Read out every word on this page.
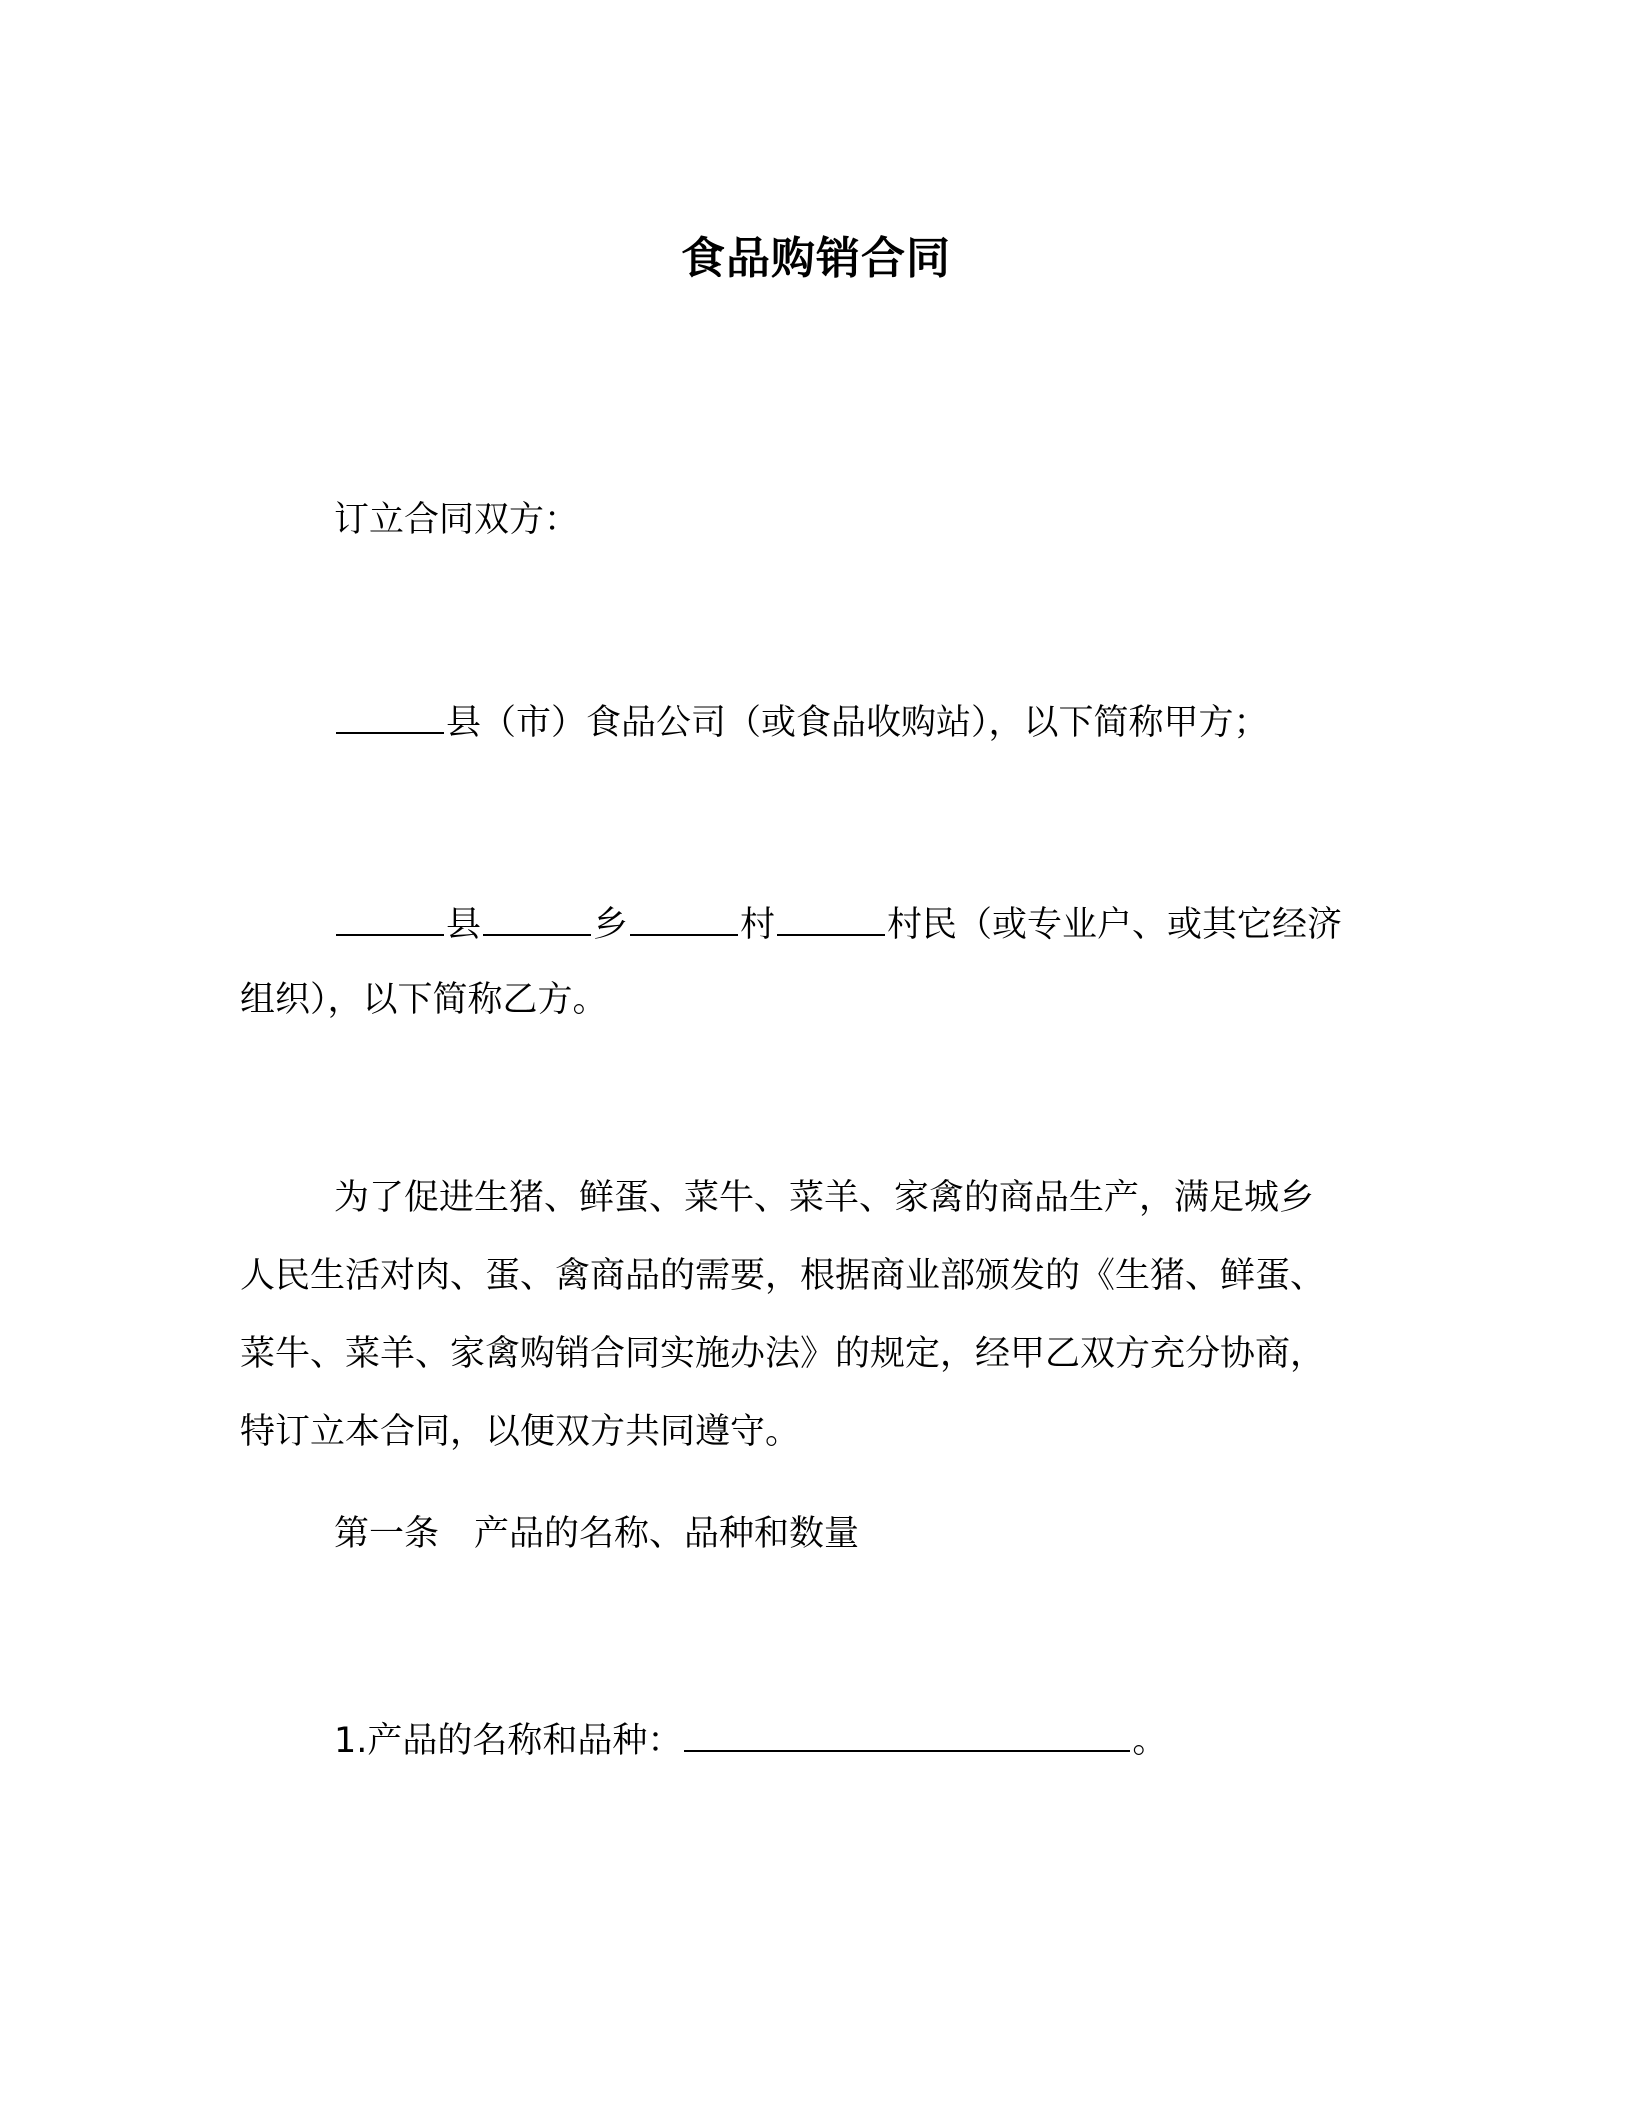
食品购销合同
订立合同双方：
县（市）食品公司（或食品收购站），以下简称甲方；
县	乡	村	村民（或专业户、或其它经济
组织），以下简称乙方。
为了促进生猪、鲜蛋、菜牛、菜羊、家禽的商品生产，满足城乡
人民生活对肉、蛋、禽商品的需要，根据商业部颁发的《生猪、鲜蛋、
菜牛、菜羊、家禽购销合同实施办法》的规定，经甲乙双方充分协商，
特订立本合同，以便双方共同遵守。
第一条　产品的名称、品种和数量
1.产品的名称和品种：	。
